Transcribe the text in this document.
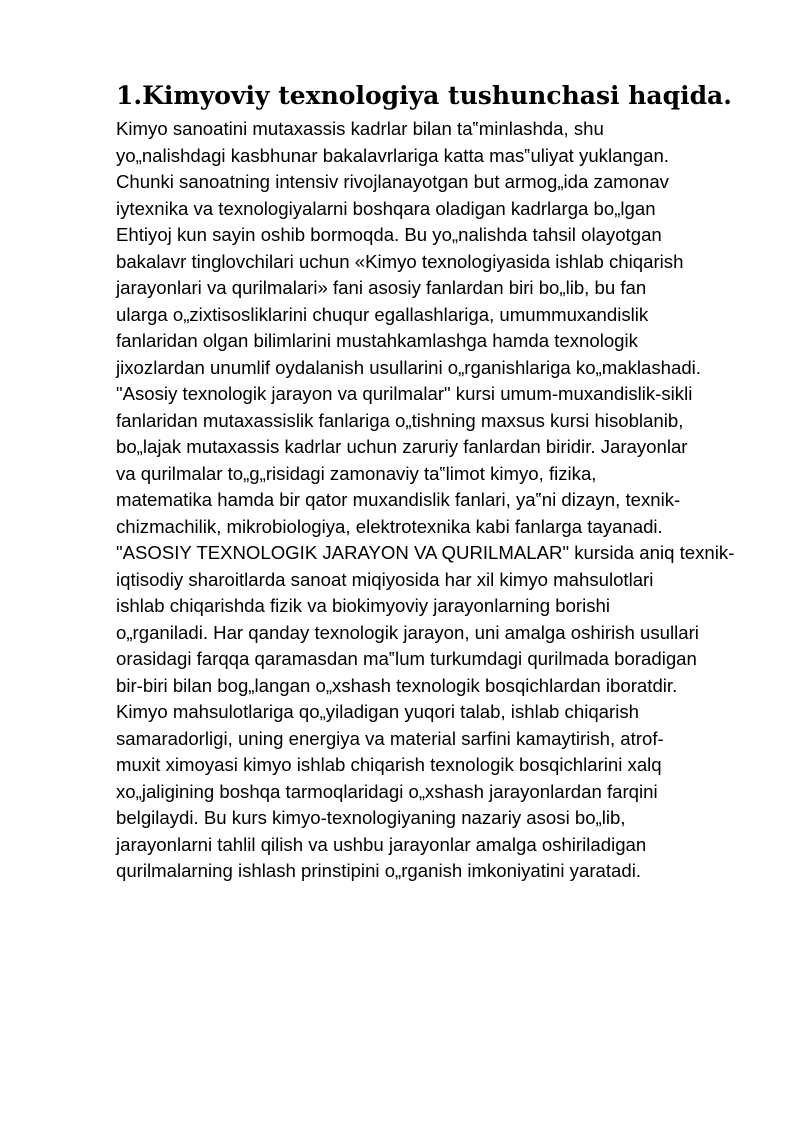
1.Kimyoviy texnologiya tushunchasi haqida.
Kimyo sanoatini mutaxassis kadrlar bilan ta‟minlashda, shu
yo„nalishdagi kasbhunar bakalavrlariga katta mas‟uliyat yuklangan.
Chunki sanoatning intensiv rivojlanayotgan but armog„ida zamonav
iytexnika va texnologiyalarni boshqara oladigan kadrlarga bo„lgan
Ehtiyoj kun sayin oshib bormoqda. Bu yo„nalishda tahsil olayotgan
bakalavr tinglovchilari uchun «Kimyo texnologiyasida ishlab chiqarish
jarayonlari va qurilmalari» fani asosiy fanlardan biri bo„lib, bu fan
ularga o„zixtisosliklarini chuqur egallashlariga, umummuxandislik
fanlaridan olgan bilimlarini mustahkamlashga hamda texnologik
jixozlardan unumlif oydalanish usullarini o„rganishlariga ko„maklashadi.
"Asosiy texnologik jarayon va qurilmalar" kursi umum-muxandislik-sikli
fanlaridan mutaxassislik fanlariga o„tishning maxsus kursi hisoblanib,
bo„lajak mutaxassis kadrlar uchun zaruriy fanlardan biridir. Jarayonlar
va qurilmalar to„g„risidagi zamonaviy ta‟limot kimyo, fizika,
matematika hamda bir qator muxandislik fanlari, ya‟ni dizayn, texnik-
chizmachilik, mikrobiologiya, elektrotexnika kabi fanlarga tayanadi.
"ASOSIY TEXNOLOGIK JARAYON VA QURILMALAR" kursida aniq texnik-
iqtisodiy sharoitlarda sanoat miqiyosida har xil kimyo mahsulotlari
ishlab chiqarishda fizik va biokimyoviy jarayonlarning borishi
o„rganiladi. Har qanday texnologik jarayon, uni amalga oshirish usullari
orasidagi farqqa qaramasdan ma‟lum turkumdagi qurilmada boradigan
bir-biri bilan bog„langan o„xshash texnologik bosqichlardan iboratdir.
Kimyo mahsulotlariga qo„yiladigan yuqori talab, ishlab chiqarish
samaradorligi, uning energiya va material sarfini kamaytirish, atrof-
muxit ximoyasi kimyo ishlab chiqarish texnologik bosqichlarini xalq
xo„jaligining boshqa tarmoqlaridagi o„xshash jarayonlardan farqini
belgilaydi. Bu kurs kimyo-texnologiyaning nazariy asosi bo„lib,
jarayonlarni tahlil qilish va ushbu jarayonlar amalga oshiriladigan
qurilmalarning ishlash prinstipini o„rganish imkoniyatini yaratadi.
